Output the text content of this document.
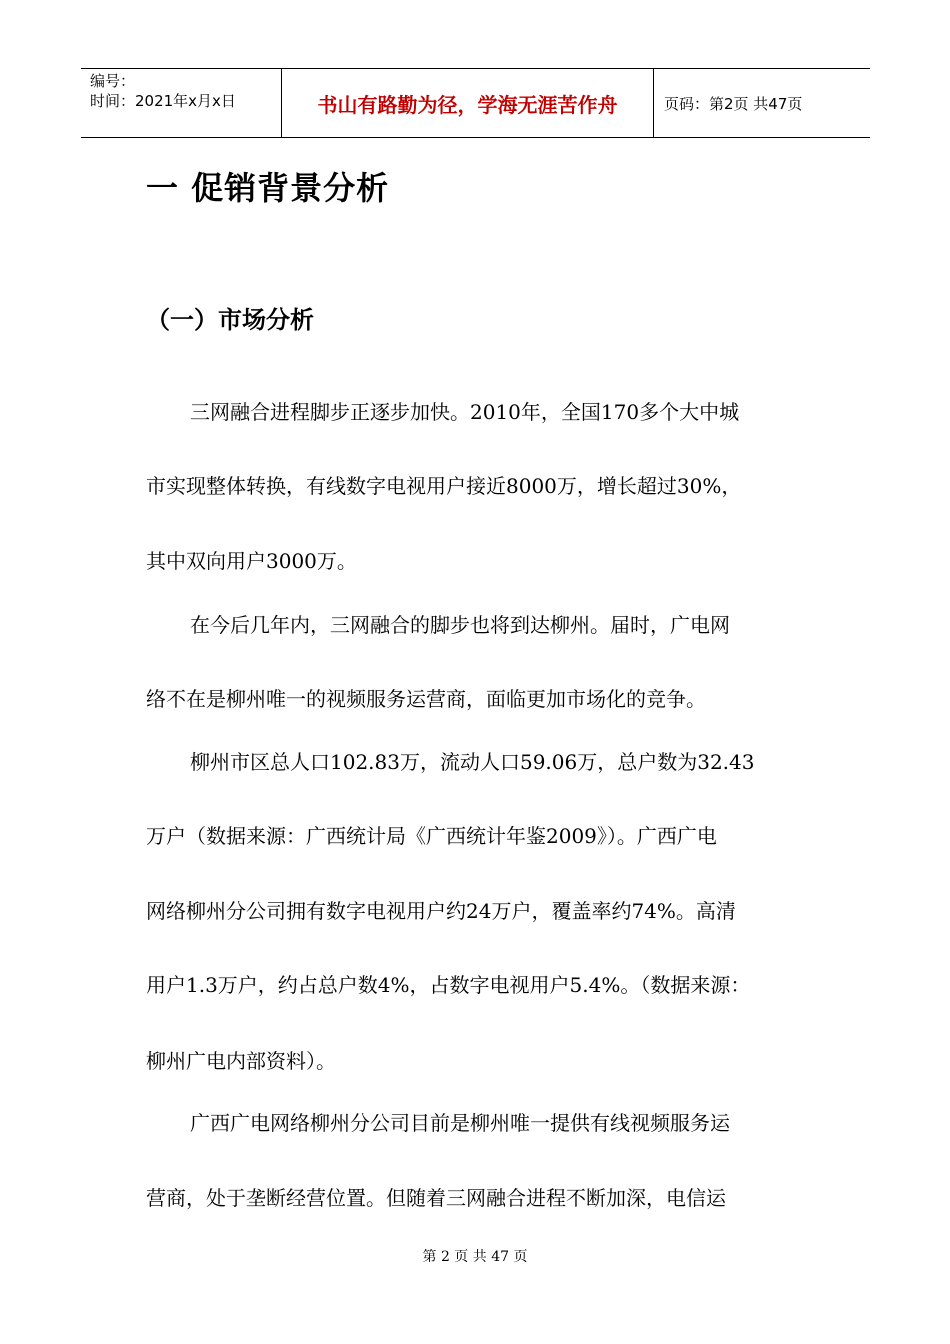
编号：
时间：2021年x月x日	书山有路勤为径，学海无涯苦作舟	页码：第2页 共47页
一 促销背景分析
（一）市场分析
三网融合进程脚步正逐步加快。2010年，全国170多个大中城
市实现整体转换，有线数字电视用户接近8000万，增长超过30%，
其中双向用户3000万。
在今后几年内，三网融合的脚步也将到达柳州。届时，广电网
络不在是柳州唯一的视频服务运营商，面临更加市场化的竞争。
柳州市区总人口102.83万，流动人口59.06万，总户数为32.43
万户（数据来源：广西统计局《广西统计年鉴2009》）。广西广电
网络柳州分公司拥有数字电视用户约24万户，覆盖率约74%。高清
用户1.3万户，约占总户数4%，占数字电视用户5.4%。（数据来源：
柳州广电内部资料）。
广西广电网络柳州分公司目前是柳州唯一提供有线视频服务运
营商，处于垄断经营位置。但随着三网融合进程不断加深，电信运
第 2 页 共 47 页
